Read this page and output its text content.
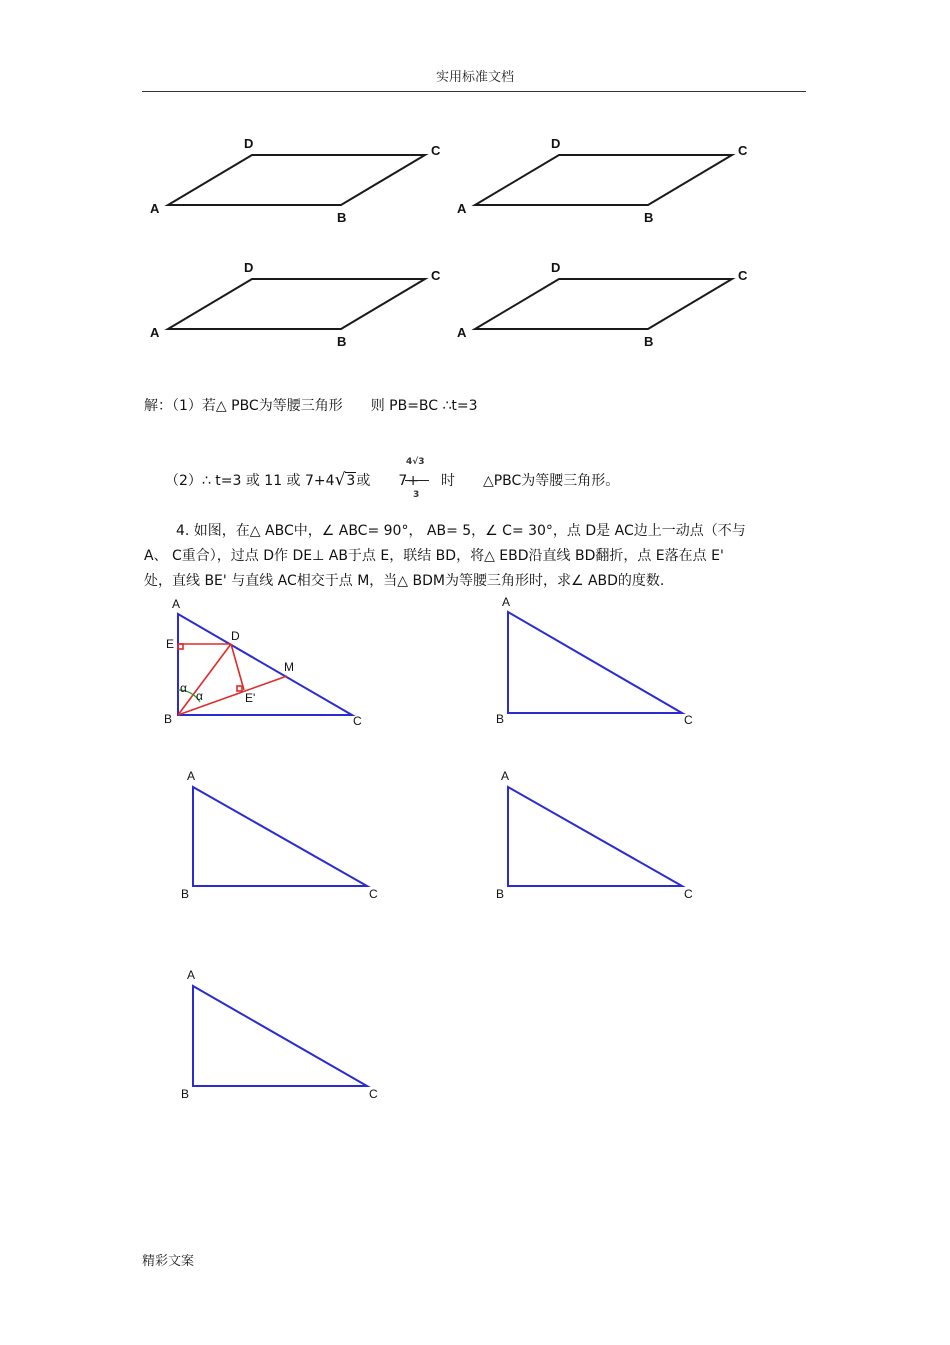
实用标准文档
D	C
A
B
D	C
A
B
D
C
A
B
D
C
A
B
A
E
D
M
E'
α
α
B	C
A
B	C
A
B	C
A
B	C
A
B	C
解：（1）若△ PBC为等腰三角形　　则 PB=BC ∴t=3
（2）∴ t=3 或 11 或 7+4√3或　　7+ 时　　△PBC为等腰三角形。
4√3
3
4. 如图，在△ ABC中，∠ ABC= 90°， AB= 5，∠ C= 30°，点 D是 AC边上一动点（不与
A、 C重合），过点 D作 DE⊥ AB于点 E，联结 BD，将△ EBD沿直线 BD翻折，点 E落在点 E'
处，直线 BE' 与直线 AC相交于点 M，当△ BDM为等腰三角形时，求∠ ABD的度数.
精彩文案
